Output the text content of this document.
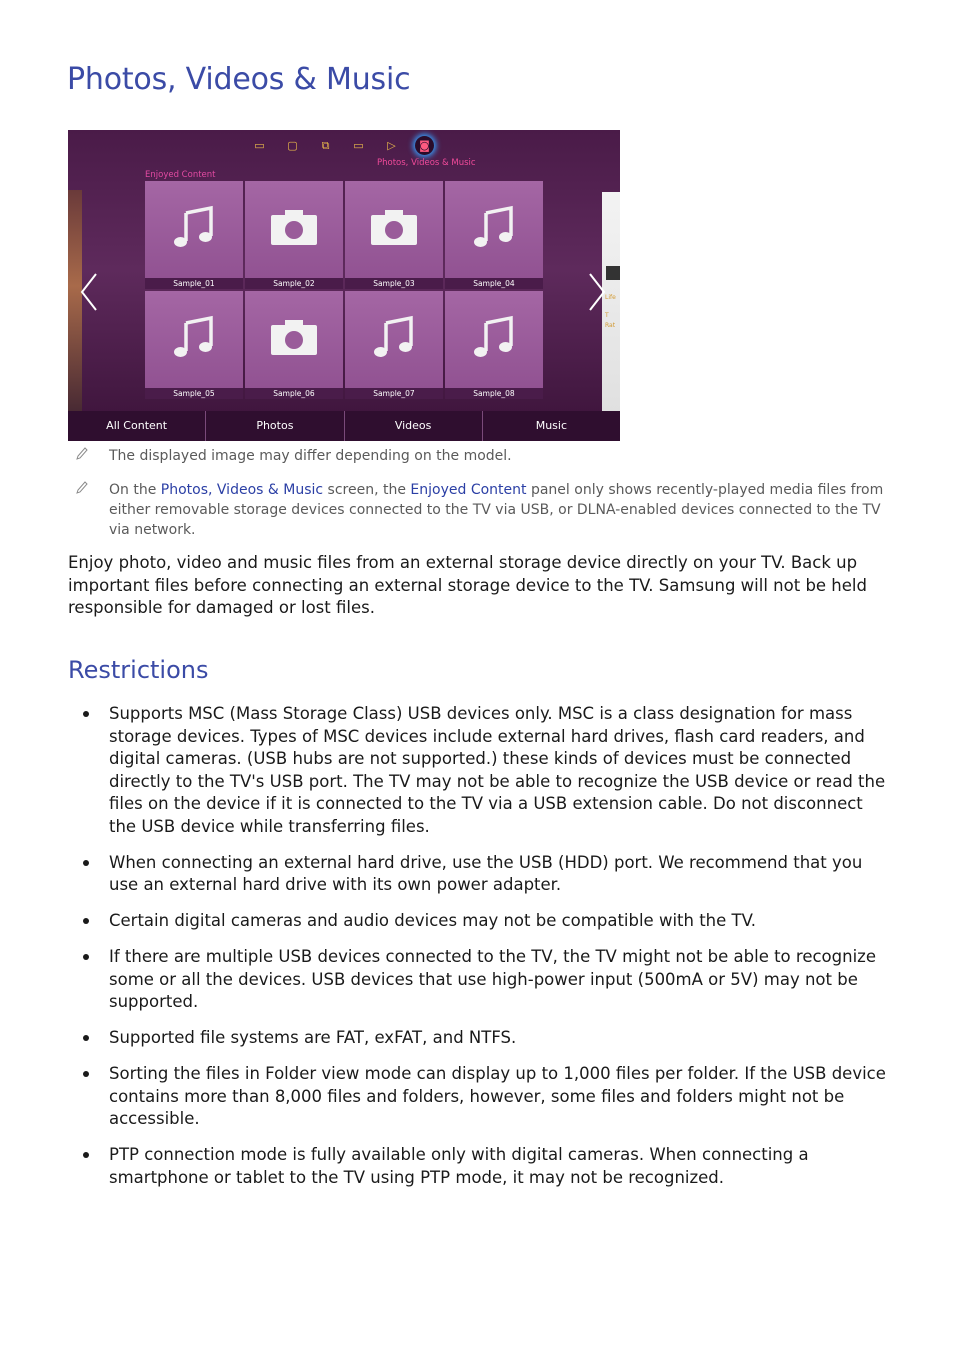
Photos, Videos & Music
Life
T
Rat
▭	▢	⧉	▭	▷	◙
Photos, Videos & Music
Enjoyed Content
Sample_01	Sample_02	Sample_03	Sample_04
Sample_05	Sample_06	Sample_07	Sample_08
All Content	Photos	Videos	Music
The displayed image may differ depending on the model.
On the Photos, Videos & Music screen, the Enjoyed Content panel only shows recently-played media files from either removable storage devices connected to the TV via USB, or DLNA-enabled devices connected to the TV via network.

Enjoy photo, video and music files from an external storage device directly on your TV. Back up important files before connecting an external storage device to the TV. Samsung will not be held responsible for damaged or lost files.

Restrictions
Supports MSC (Mass Storage Class) USB devices only. MSC is a class designation for mass storage devices. Types of MSC devices include external hard drives, flash card readers, and digital cameras. (USB hubs are not supported.) these kinds of devices must be connected directly to the TV's USB port. The TV may not be able to recognize the USB device or read the files on the device if it is connected to the TV via a USB extension cable. Do not disconnect the USB device while transferring files.
When connecting an external hard drive, use the USB (HDD) port. We recommend that you use an external hard drive with its own power adapter.
Certain digital cameras and audio devices may not be compatible with the TV.
If there are multiple USB devices connected to the TV, the TV might not be able to recognize some or all the devices. USB devices that use high-power input (500mA or 5V) may not be supported.
Supported file systems are FAT, exFAT, and NTFS.
Sorting the files in Folder view mode can display up to 1,000 files per folder. If the USB device contains more than 8,000 files and folders, however, some files and folders might not be accessible.
PTP connection mode is fully available only with digital cameras. When connecting a smartphone or tablet to the TV using PTP mode, it may not be recognized.
